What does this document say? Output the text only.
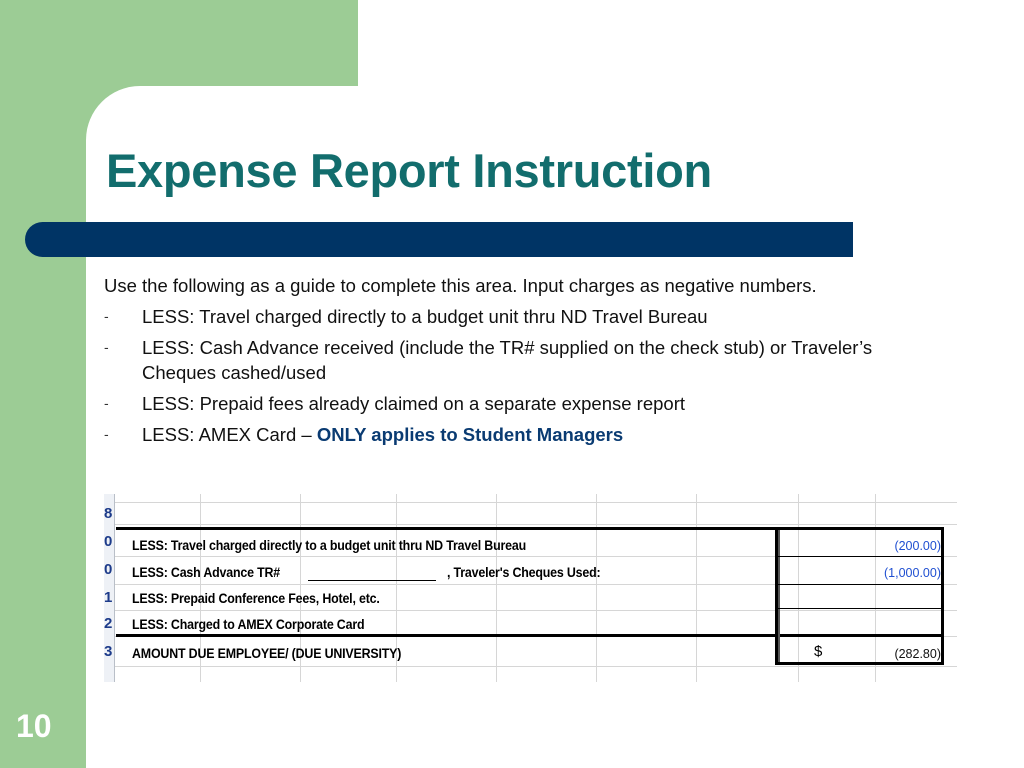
Expense Report Instruction

Use the following as a guide to complete this area. Input charges as negative numbers.

- LESS: Travel charged directly to a budget unit thru ND Travel Bureau
- LESS: Cash Advance received (include the TR# supplied on the check stub) or Traveler’s Cheques cashed/used
- LESS: Prepaid fees already claimed on a separate expense report
- LESS: AMEX Card – ONLY applies to Student Managers
8
0
0
1
2
3
LESS: Travel charged directly to a budget unit thru ND Travel Bureau	(200.00)
LESS: Cash Advance TR#	, Traveler's Cheques Used:	(1,000.00)
LESS: Prepaid Conference Fees, Hotel, etc.
LESS: Charged to AMEX Corporate Card
AMOUNT DUE EMPLOYEE/ (DUE UNIVERSITY)	$	(282.80)
10
